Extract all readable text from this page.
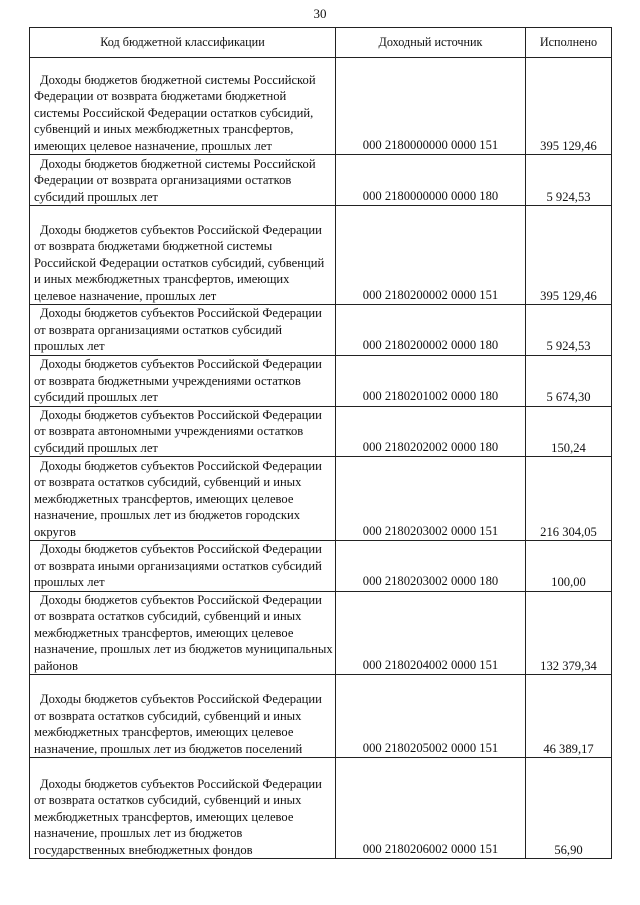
30
Код бюджетной классификации	Доходный источник	Исполнено
Доходы бюджетов бюджетной системы Российской Федерации от возврата бюджетами бюджетной системы Российской Федерации остатков субсидий, субвенций и иных межбюджетных трансфертов, имеющих целевое назначение, прошлых лет	000 2180000000 0000 151	395 129,46
Доходы бюджетов бюджетной системы Российской Федерации от возврата организациями остатков субсидий прошлых лет	000 2180000000 0000 180	5 924,53
Доходы бюджетов субъектов Российской Федерации от возврата бюджетами бюджетной системы Российской Федерации остатков субсидий, субвенций и иных межбюджетных трансфертов, имеющих целевое назначение, прошлых лет	000 2180200002 0000 151	395 129,46
Доходы бюджетов субъектов Российской Федерации от возврата организациями остатков субсидий прошлых лет	000 2180200002 0000 180	5 924,53
Доходы бюджетов субъектов Российской Федерации от возврата бюджетными учреждениями остатков субсидий прошлых лет	000 2180201002 0000 180	5 674,30
Доходы бюджетов субъектов Российской Федерации от возврата автономными учреждениями остатков субсидий прошлых лет	000 2180202002 0000 180	150,24
Доходы бюджетов субъектов Российской Федерации от возврата остатков субсидий, субвенций и иных межбюджетных трансфертов, имеющих целевое назначение, прошлых лет из бюджетов городских округов	000 2180203002 0000 151	216 304,05
Доходы бюджетов субъектов Российской Федерации от возврата иными организациями остатков субсидий прошлых лет	000 2180203002 0000 180	100,00
Доходы бюджетов субъектов Российской Федерации от возврата остатков субсидий, субвенций и иных межбюджетных трансфертов, имеющих целевое назначение, прошлых лет из бюджетов муниципальных районов	000 2180204002 0000 151	132 379,34
Доходы бюджетов субъектов Российской Федерации от возврата остатков субсидий, субвенций и иных межбюджетных трансфертов, имеющих целевое назначение, прошлых лет из бюджетов поселений	000 2180205002 0000 151	46 389,17
Доходы бюджетов субъектов Российской Федерации от возврата остатков субсидий, субвенций и иных межбюджетных трансфертов, имеющих целевое назначение, прошлых лет из бюджетов государственных внебюджетных фондов	000 2180206002 0000 151	56,90
